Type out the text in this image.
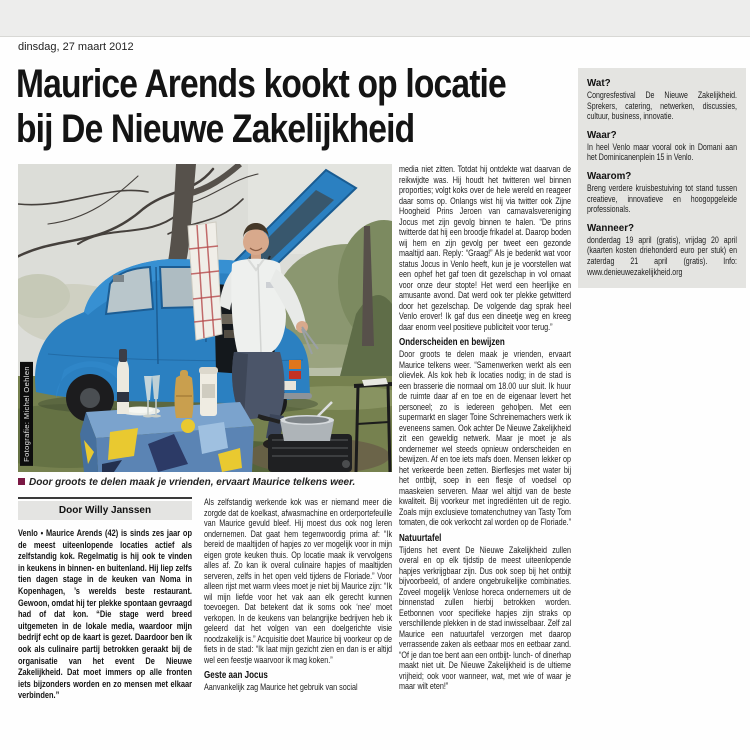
dinsdag, 27 maart 2012
Maurice Arends kookt op locatie
bij De Nieuwe Zakelijkheid
Fotografie: Michel Oehlen
Door groots te delen maak je vrienden, ervaart Maurice telkens weer.
Door Willy Janssen
Venlo • Maurice Arends (42) is sinds zes jaar op de meest uiteenlopende locaties actief als zelfstandig kok. Regelmatig is hij ook te vinden in keukens in binnen- en buitenland. Hij liep zelfs tien dagen stage in de keuken van Noma in Kopenhagen, ’s werelds beste restaurant. Gewoon, omdat hij ter plekke spontaan gevraagd had of dat kon. “Die stage werd breed uitgemeten in de lokale media, waardoor mijn bedrijf echt op de kaart is gezet. Daardoor ben ik ook als culinaire partij betrokken geraakt bij de organisatie van het event De Nieuwe Zakelijkheid. Dat moet immers op alle fronten iets bijzonders worden en zo mensen met elkaar verbinden.”

Als zelfstandig werkende kok was er niemand meer die zorgde dat de koelkast, afwasmachine en orderportefeuille van Maurice gevuld bleef. Hij moest dus ook nog leren ondernemen. Dat gaat hem tegenwoordig prima af: “Ik bereid de maaltijden of hapjes zo ver mogelijk voor in mijn eigen grote keuken thuis. Op locatie maak ik vervolgens alles af. Zo kan ik overal culinaire hapjes of maaltijden serveren, zelfs in het open veld tijdens de Floriade.” Voor alleen rijst met warm vlees moet je niet bij Maurice zijn: “Ik wil mijn liefde voor het vak aan elk gerecht kunnen toevoegen. Dat betekent dat ik soms ook ‘nee’ moet verkopen. In de keukens van belangrijke bedrijven heb ik geleerd dat het volgen van een doelgerichte visie noodzakelijk is.” Acquisitie doet Maurice bij voorkeur op de fiets in de stad: “Ik laat mijn gezicht zien en dan is er altijd wel een feestje waarvoor ik mag koken.”

Geste aan Jocus

Aanvankelijk zag Maurice het gebruik van social

media niet zitten. Totdat hij ontdekte wat daarvan de reikwijdte was. Hij houdt het twitteren wel binnen proporties; volgt koks over de hele wereld en reageer daar soms op. Onlangs wist hij via twitter ook Zijne Hoogheid Prins Jeroen van carnavalsvereniging Jocus met zijn gevolg binnen te halen. “De prins twitterde dat hij een broodje frikadel at. Daarop boden wij hem en zijn gevolg per tweet een gezonde maaltijd aan. Reply: “Graag!” Als je bedenkt wat voor status Jocus in Venlo heeft, kun je je voorstellen wat een ophef het gaf toen dit gezelschap in vol ornaat voor onze deur stopte! Het werd een heerlijke en amusante avond. Dat werd ook ter plekke getwitterd door het gezelschap. De volgende dag sprak heel Venlo erover! Ik gaf dus een dineetje weg en kreeg daar enorm veel positieve publiciteit voor terug.”

Onderscheiden en bewijzen

Door groots te delen maak je vrienden, ervaart Maurice telkens weer. “Samenwerken werkt als een olievlek. Als kok heb ik locaties nodig; in de stad is een brasserie die normaal om 18.00 uur sluit. Ik huur de ruimte daar af en toe en de eigenaar levert het personeel; zo is iedereen geholpen. Met een supermarkt en slager Toine Schreinemachers werk ik eveneens samen. Ook achter De Nieuwe Zakelijkheid zit een geweldig netwerk. Maar je moet je als ondernemer wel steeds opnieuw onderscheiden en bewijzen. Af en toe iets mafs doen. Mensen lekker op het verkeerde been zetten. Bierflesjes met water bij het ontbijt, soep in een flesje of voedsel op maaskeien serveren. Maar wel altijd van de beste kwaliteit. Bij voorkeur met ingrediënten uit de regio. Zoals mijn exclusieve tomatenchutney van Tasty Tom tomaten, die ook verkocht zal worden op de Floriade.”

Natuurtafel

Tijdens het event De Nieuwe Zakelijkheid zullen overal en op elk tijdstip de meest uiteenlopende hapjes verkrijgbaar zijn. Dus ook soep bij het ontbijt bijvoorbeeld, of andere ongebruikelijke combinaties. Zoveel mogelijk Venlose horeca ondernemers uit de binnenstad zullen hierbij betrokken worden. Eetbonnen voor specifieke hapjes zijn straks op verschillende plekken in de stad inwisselbaar. Zelf zal Maurice een natuurtafel verzorgen met daarop verrassende zaken als eetbaar mos en eetbaar zand. “Of je dan toe bent aan een ontbijt- lunch- of dinerhap maakt niet uit. De Nieuwe Zakelijkheid is de ultieme vrijheid; ook voor wanneer, wat, met wie of waar je maar wilt eten!”

Wat?
Congresfestival De Nieuwe Zakelijkheid. Sprekers, catering, netwerken, discussies, cultuur, business, innovatie.
Waar?
In heel Venlo maar vooral ook in Domani aan het Dominicanenplein 15 in Venlo.
Waarom?
Breng verdere kruisbestuiving tot stand tussen creatieve, innovatieve en hoogopgeleide professionals.
Wanneer?
donderdag 19 april (gratis), vrijdag 20 april (kaarten kosten driehonderd euro per stuk) en zaterdag 21 april (gratis). Info: www.denieuwezakelijkheid.org
